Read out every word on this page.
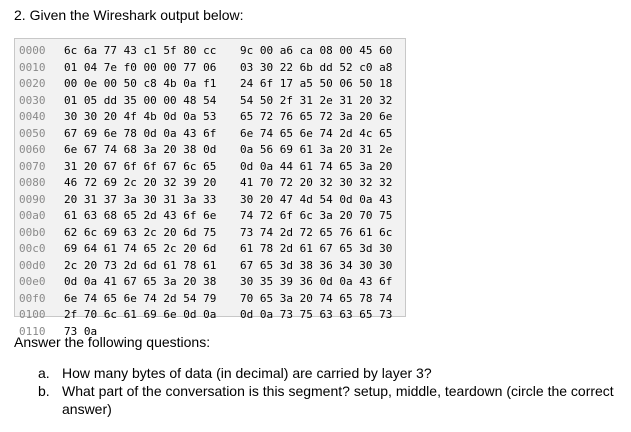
2. Given the Wireshark output below:
0000	6c 6a 77 43 c1 5f 80 cc	9c 00 a6 ca 08 00 45 60
0010	01 04 7e f0 00 00 77 06	03 30 22 6b dd 52 c0 a8
0020	00 0e 00 50 c8 4b 0a f1	24 6f 17 a5 50 06 50 18
0030	01 05 dd 35 00 00 48 54	54 50 2f 31 2e 31 20 32
0040	30 30 20 4f 4b 0d 0a 53	65 72 76 65 72 3a 20 6e
0050	67 69 6e 78 0d 0a 43 6f	6e 74 65 6e 74 2d 4c 65
0060	6e 67 74 68 3a 20 38 0d	0a 56 69 61 3a 20 31 2e
0070	31 20 67 6f 6f 67 6c 65	0d 0a 44 61 74 65 3a 20
0080	46 72 69 2c 20 32 39 20	41 70 72 20 32 30 32 32
0090	20 31 37 3a 30 31 3a 33	30 20 47 4d 54 0d 0a 43
00a0	61 63 68 65 2d 43 6f 6e	74 72 6f 6c 3a 20 70 75
00b0	62 6c 69 63 2c 20 6d 75	73 74 2d 72 65 76 61 6c
00c0	69 64 61 74 65 2c 20 6d	61 78 2d 61 67 65 3d 30
00d0	2c 20 73 2d 6d 61 78 61	67 65 3d 38 36 34 30 30
00e0	0d 0a 41 67 65 3a 20 38	30 35 39 36 0d 0a 43 6f
00f0	6e 74 65 6e 74 2d 54 79	70 65 3a 20 74 65 78 74
0100	2f 70 6c 61 69 6e 0d 0a	0d 0a 73 75 63 63 65 73
0110	73 0a
Answer the following questions:
a. How many bytes of data (in decimal) are carried by layer 3?
b. What part of the conversation is this segment? setup, middle, teardown (circle the correct answer)
